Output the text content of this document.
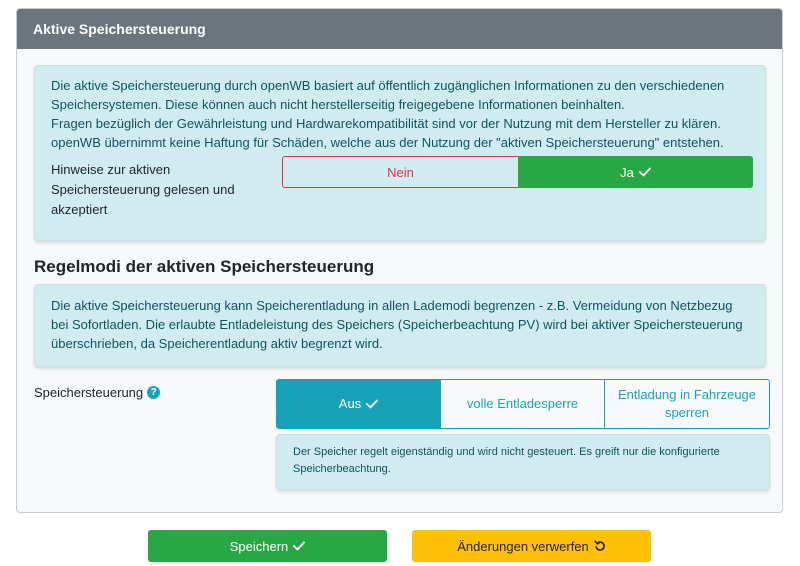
Aktive Speichersteuerung
Die aktive Speichersteuerung durch openWB basiert auf öffentlich zugänglichen Informationen zu den verschiedenen
Speichersystemen. Diese können auch nicht herstellerseitig freigegebene Informationen beinhalten.
Fragen bezüglich der Gewährleistung und Hardwarekompatibilität sind vor der Nutzung mit dem Hersteller zu klären.
openWB übernimmt keine Haftung für Schäden, welche aus der Nutzung der "aktiven Speichersteuerung" entstehen.
Hinweise zur aktiven Speichersteuerung gelesen und akzeptiert
Nein	Ja
Regelmodi der aktiven Speichersteuerung
Die aktive Speichersteuerung kann Speicherentladung in allen Lademodi begrenzen - z.B. Vermeidung von Netzbezug bei Sofortladen. Die erlaubte Entladeleistung des Speichers (Speicherbeachtung PV) wird bei aktiver Speichersteuerung überschrieben, da Speicherentladung aktiv begrenzt wird.
Speichersteuerung ?
Aus	volle Entladesperre
Entladung in Fahrzeuge sperren
Der Speicher regelt eigenständig und wird nicht gesteuert. Es greift nur die konfigurierte Speicherbeachtung.
Speichern	Änderungen verwerfen
